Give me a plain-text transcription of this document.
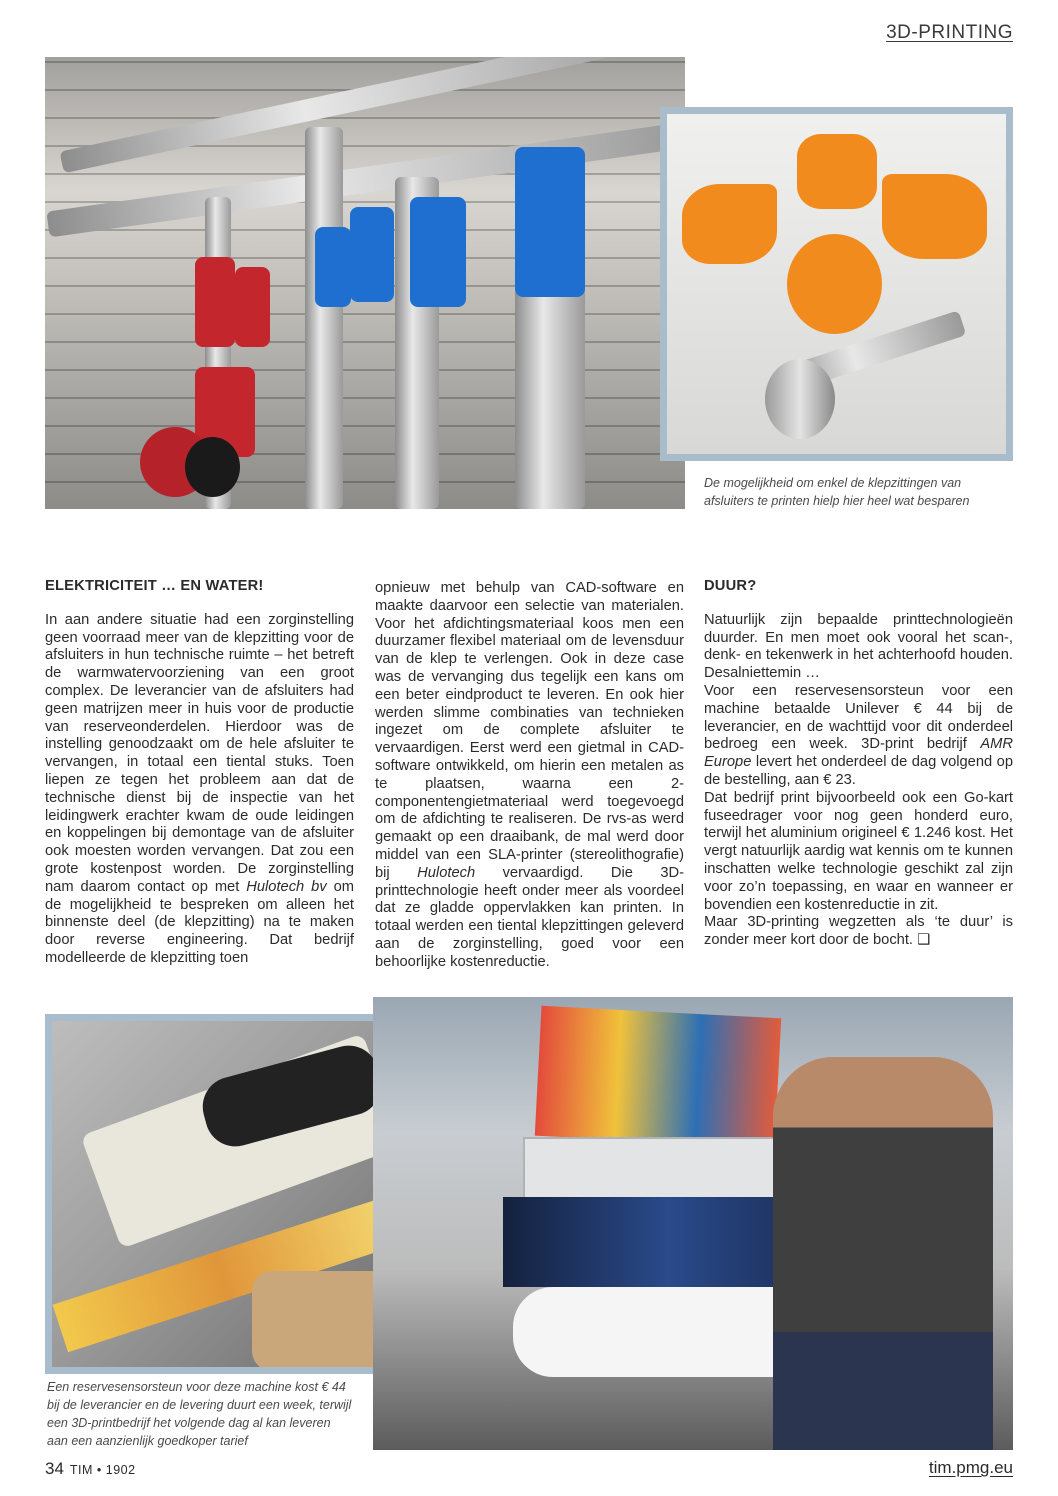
3D-PRINTING
De mogelijkheid om enkel de klepzittingen van afsluiters te printen hielp hier heel wat besparen

ELEKTRICITEIT … EN WATER!

In aan andere situatie had een zorginstelling geen voorraad meer van de klepzitting voor de afsluiters in hun technische ruimte – het betreft de warmwatervoorziening van een groot complex. De leverancier van de afsluiters had geen matrijzen meer in huis voor de productie van reserveonderdelen. Hierdoor was de instelling genoodzaakt om de hele afsluiter te vervangen, in totaal een tiental stuks. Toen liepen ze tegen het probleem aan dat de technische dienst bij de inspectie van het leidingwerk erachter kwam de oude leidingen en koppelingen bij demontage van de afsluiter ook moesten worden vervangen. Dat zou een grote kostenpost worden. De zorginstelling nam daarom contact op met Hulotech bv om de mogelijkheid te bespreken om alleen het binnenste deel (de klepzitting) na te maken door reverse engineering. Dat bedrijf modelleerde de klepzitting toen

opnieuw met behulp van CAD-software en maakte daarvoor een selectie van materialen. Voor het afdichtingsmateriaal koos men een duurzamer flexibel materiaal om de levensduur van de klep te verlengen. Ook in deze case was de vervanging dus tegelijk een kans om een beter eindproduct te leveren. En ook hier werden slimme combinaties van technieken ingezet om de complete afsluiter te vervaardigen. Eerst werd een gietmal in CAD-software ontwikkeld, om hierin een metalen as te plaatsen, waarna een 2-componentengietmateriaal werd toegevoegd om de afdichting te realiseren. De rvs-as werd gemaakt op een draaibank, de mal werd door middel van een SLA-printer (stereolithografie) bij Hulotech vervaardigd. Die 3D-printtechnologie heeft onder meer als voordeel dat ze gladde oppervlakken kan printen. In totaal werden een tiental klepzittingen geleverd aan de zorginstelling, goed voor een behoorlijke kostenreductie.

DUUR?

Natuurlijk zijn bepaalde printtechnologieën duurder. En men moet ook vooral het scan-, denk- en tekenwerk in het achterhoofd houden. Desalniettemin …

Voor een reservesensorsteun voor een machine betaalde Unilever € 44 bij de leverancier, en de wachttijd voor dit onderdeel bedroeg een week. 3D-print bedrijf AMR Europe levert het onderdeel de dag volgend op de bestelling, aan € 23.

Dat bedrijf print bijvoorbeeld ook een Go-kart fuseedrager voor nog geen honderd euro, terwijl het aluminium origineel € 1.246 kost. Het vergt natuurlijk aardig wat kennis om te kunnen inschatten welke technologie geschikt zal zijn voor zo’n toepassing, en waar en wanneer er bovendien een kostenreductie in zit.

Maar 3D-printing wegzetten als ‘te duur’ is zonder meer kort door de bocht. ❑

Een reservesensorsteun voor deze machine kost € 44 bij de leverancier en de levering duurt een week, terwijl een 3D-printbedrijf het volgende dag al kan leveren aan een aanzienlijk goedkoper tarief
34 TIM • 1902	tim.pmg.eu
